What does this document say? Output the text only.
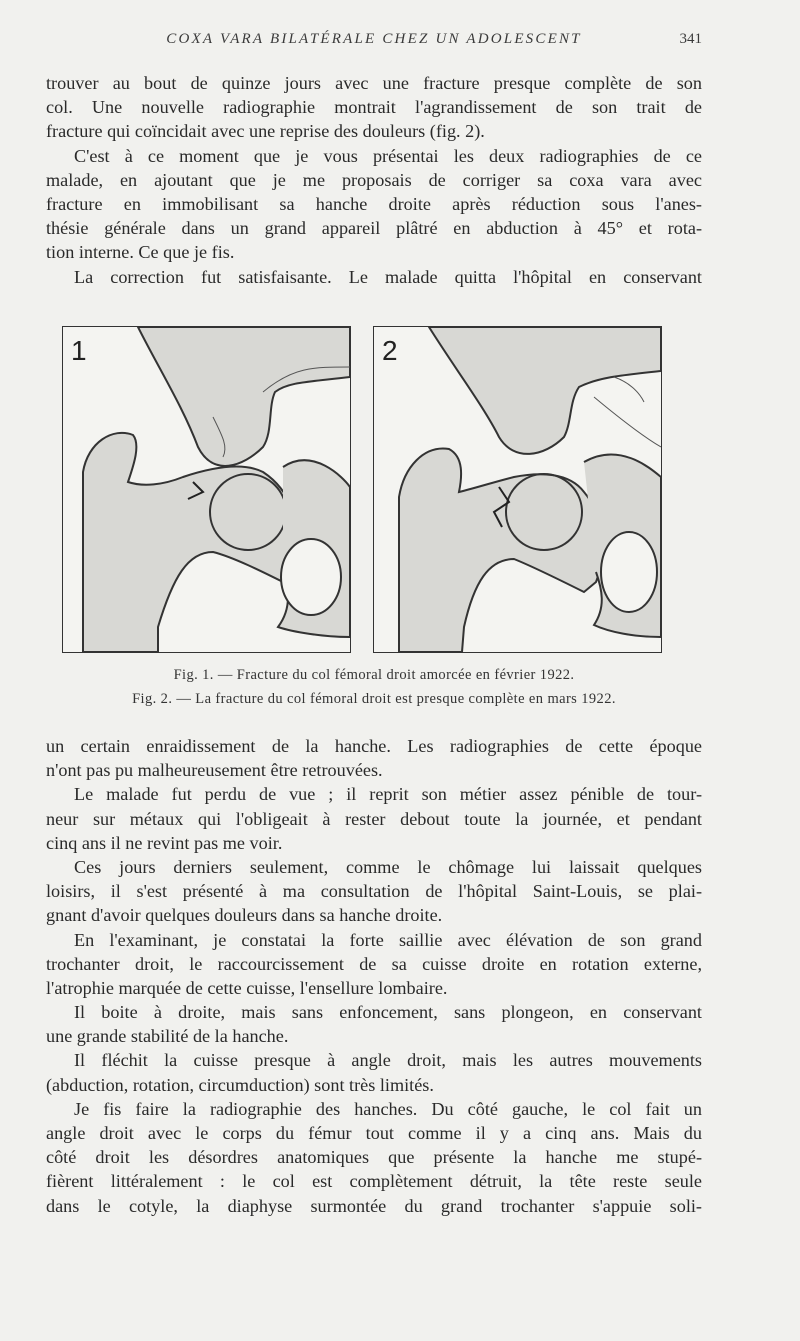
COXA VARA BILATÉRALE CHEZ UN ADOLESCENT	341
trouver au bout de quinze jours avec une fracture presque complète de son
col. Une nouvelle radiographie montrait l'agrandissement de son trait de
fracture qui coïncidait avec une reprise des douleurs (fig. 2).
C'est à ce moment que je vous présentai les deux radiographies de ce
malade, en ajoutant que je me proposais de corriger sa coxa vara avec
fracture en immobilisant sa hanche droite après réduction sous l'anes-
thésie générale dans un grand appareil plâtré en abduction à 45° et rota-
tion interne. Ce que je fis.
La correction fut satisfaisante. Le malade quitta l'hôpital en conservant
1	2
Fig. 1. — Fracture du col fémoral droit amorcée en février 1922.
Fig. 2. — La fracture du col fémoral droit est presque complète en mars 1922.
un certain enraidissement de la hanche. Les radiographies de cette époque
n'ont pas pu malheureusement être retrouvées.
Le malade fut perdu de vue ; il reprit son métier assez pénible de tour-
neur sur métaux qui l'obligeait à rester debout toute la journée, et pendant
cinq ans il ne revint pas me voir.
Ces jours derniers seulement, comme le chômage lui laissait quelques
loisirs, il s'est présenté à ma consultation de l'hôpital Saint-Louis, se plai-
gnant d'avoir quelques douleurs dans sa hanche droite.
En l'examinant, je constatai la forte saillie avec élévation de son grand
trochanter droit, le raccourcissement de sa cuisse droite en rotation externe,
l'atrophie marquée de cette cuisse, l'ensellure lombaire.
Il boite à droite, mais sans enfoncement, sans plongeon, en conservant
une grande stabilité de la hanche.
Il fléchit la cuisse presque à angle droit, mais les autres mouvements
(abduction, rotation, circumduction) sont très limités.
Je fis faire la radiographie des hanches. Du côté gauche, le col fait un
angle droit avec le corps du fémur tout comme il y a cinq ans. Mais du
côté droit les désordres anatomiques que présente la hanche me stupé-
fièrent littéralement : le col est complètement détruit, la tête reste seule
dans le cotyle, la diaphyse surmontée du grand trochanter s'appuie soli-
